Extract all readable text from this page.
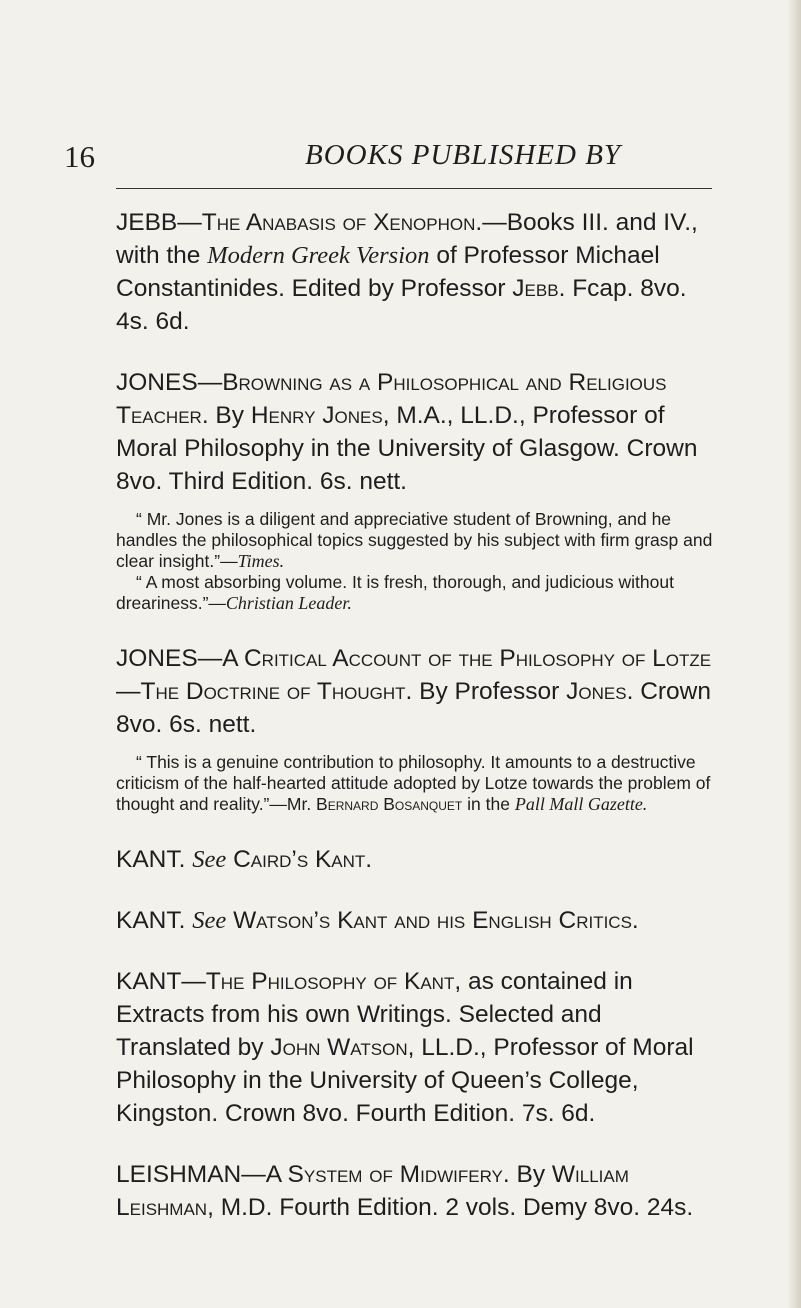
16	BOOKS PUBLISHED BY

JEBB—The Anabasis of Xenophon.—Books III. and IV., with the Modern Greek Version of Professor Michael Constantinides. Edited by Professor Jebb. Fcap. 8vo. 4s. 6d.

JONES—Browning as a Philosophical and Religious Teacher. By Henry Jones, M.A., LL.D., Professor of Moral Philosophy in the University of Glasgow. Crown 8vo. Third Edition. 6s. nett.

“ Mr. Jones is a diligent and appreciative student of Browning, and he handles the philosophical topics suggested by his subject with firm grasp and clear insight.”—Times.

“ A most absorbing volume. It is fresh, thorough, and judicious without dreariness.”—Christian Leader.

JONES—A Critical Account of the Philosophy of Lotze—The Doctrine of Thought. By Professor Jones. Crown 8vo. 6s. nett.

“ This is a genuine contribution to philosophy. It amounts to a destructive criticism of the half-hearted attitude adopted by Lotze towards the problem of thought and reality.”—Mr. Bernard Bosanquet in the Pall Mall Gazette.

KANT. See Caird’s Kant.

KANT. See Watson’s Kant and his English Critics.

KANT—The Philosophy of Kant, as contained in Extracts from his own Writings. Selected and Translated by John Watson, LL.D., Professor of Moral Philosophy in the University of Queen’s College, Kingston. Crown 8vo. Fourth Edition. 7s. 6d.

LEISHMAN—A System of Midwifery. By William Leishman, M.D. Fourth Edition. 2 vols. Demy 8vo. 24s.
